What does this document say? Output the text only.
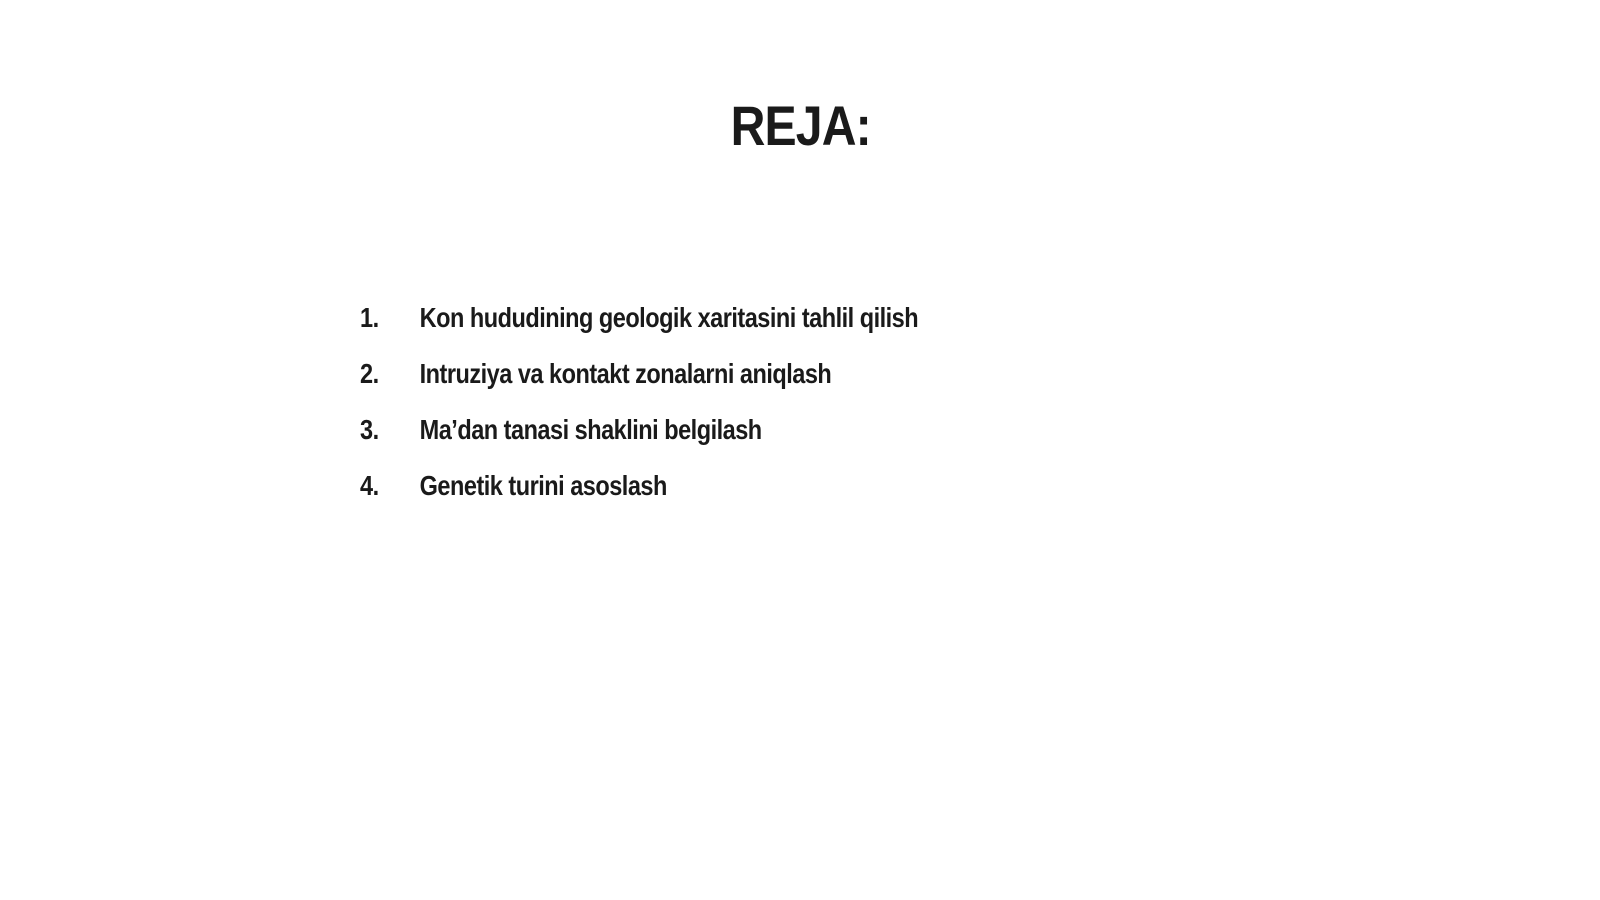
REJA:
1.	Kon hududining geologik xaritasini tahlil qilish
2.	Intruziya va kontakt zonalarni aniqlash
3.	Ma’dan tanasi shaklini belgilash
4.	Genetik turini asoslash
